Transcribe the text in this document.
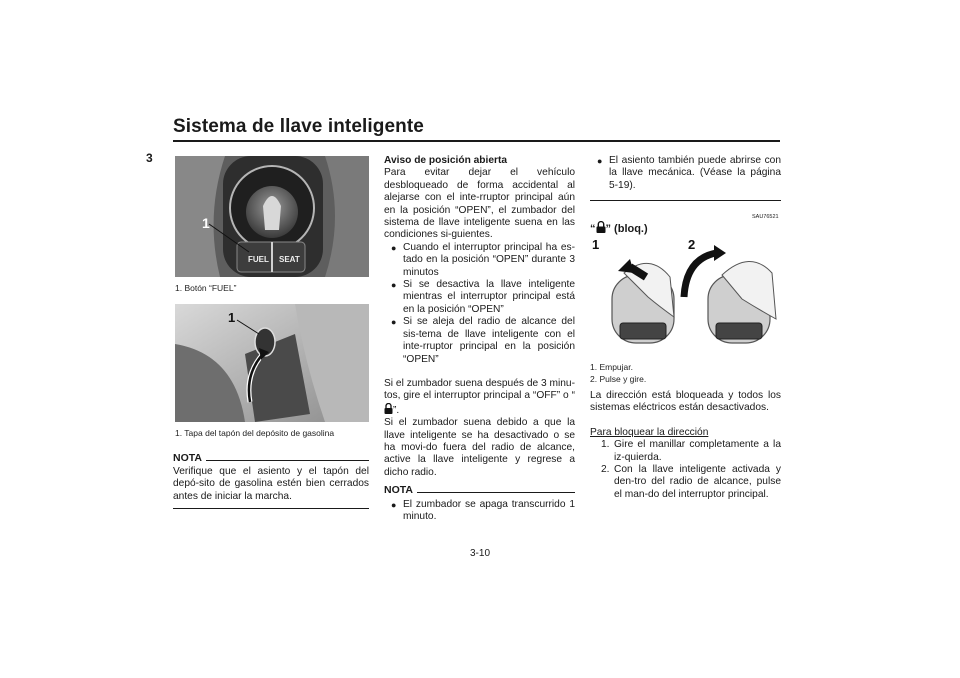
Sistema de llave inteligente
3
FUEL SEAT
1
1. Botón “FUEL”
1
1. Tapa del tapón del depósito de gasolina
NOTA
Verifique que el asiento y el tapón del depó-sito de gasolina estén bien cerrados antes de iniciar la marcha.

Aviso de posición abierta

Para evitar dejar el vehículo desbloqueado de forma accidental al alejarse con el inte-rruptor principal aún en la posición “OPEN”, el zumbador del sistema de llave inteligente suena en las condiciones si-guientes.

● Cuando el interruptor principal ha es-tado en la posición “OPEN” durante 3 minutos
● Si se desactiva la llave inteligente mientras el interruptor principal está en la posición “OPEN”
● Si se aleja del radio de alcance del sis-tema de llave inteligente con el inte-rruptor principal en la posición “OPEN”

Si el zumbador suena después de 3 minu-tos, gire el interruptor principal a “OFF” o “”.

Si el zumbador suena debido a que la llave inteligente se ha desactivado o se ha movi-do fuera del radio de alcance, active la llave inteligente y regrese a dicho radio.

NOTA
● El zumbador se apaga transcurrido 1 minuto.
● El asiento también puede abrirse con la llave mecánica. (Véase la página 5-19).
SAU76521
“ ” (bloq.)
1	2
1. Empujar.
2. Pulse y gire.

La dirección está bloqueada y todos los sistemas eléctricos están desactivados.

Para bloquear la dirección

1. Gire el manillar completamente a la iz-quierda.
2. Con la llave inteligente activada y den-tro del radio de alcance, pulse el man-do del interruptor principal.
3-10
